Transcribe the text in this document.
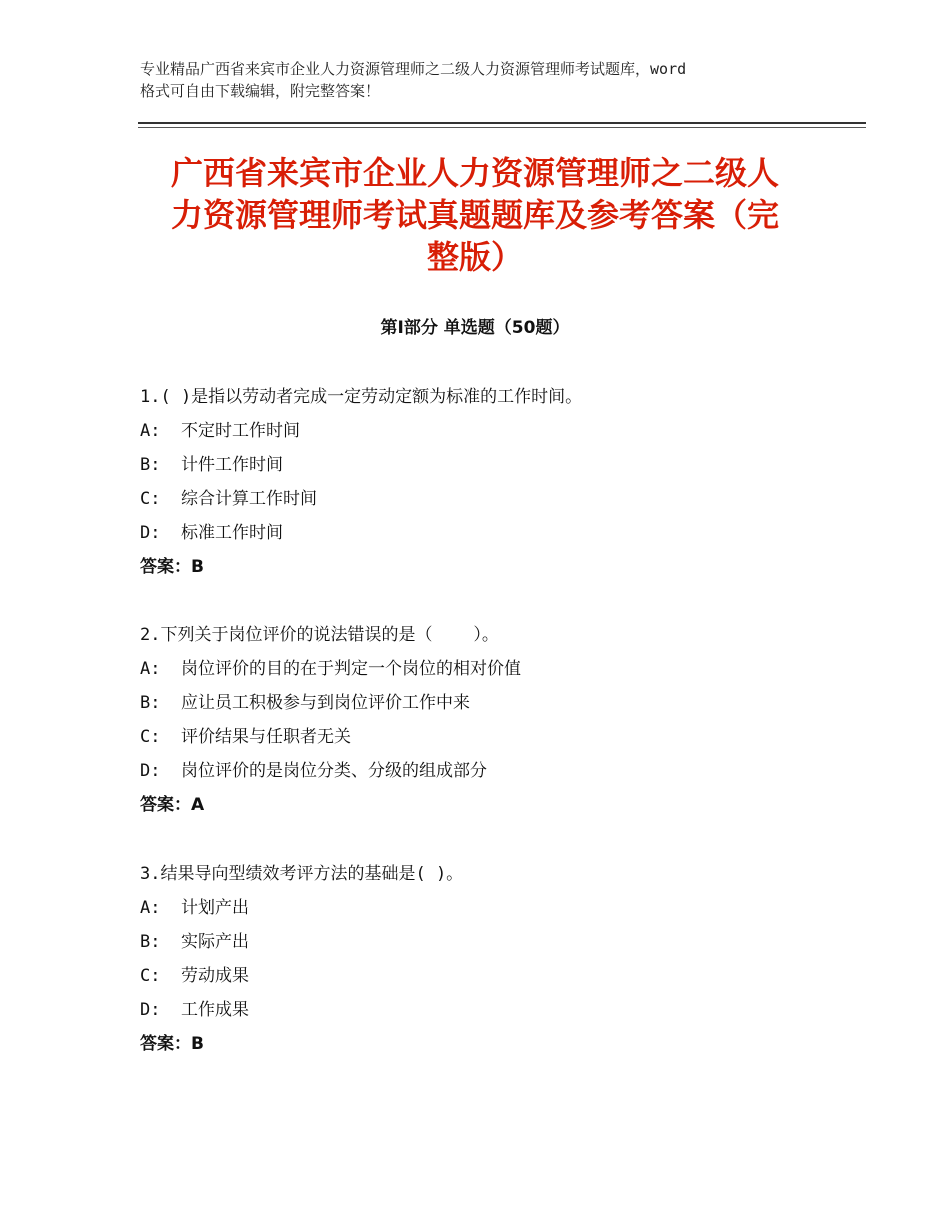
专业精品广西省来宾市企业人力资源管理师之二级人力资源管理师考试题库，word
格式可自由下载编辑，附完整答案！
广西省来宾市企业人力资源管理师之二级人
力资源管理师考试真题题库及参考答案（完
整版）
第Ⅰ部分 单选题（50题）
1.( )是指以劳动者完成一定劳动定额为标准的工作时间。
A:  不定时工作时间
B:  计件工作时间
C:  综合计算工作时间
D:  标准工作时间
答案：B
2.下列关于岗位评价的说法错误的是（    ）。
A:  岗位评价的目的在于判定一个岗位的相对价值
B:  应让员工积极参与到岗位评价工作中来
C:  评价结果与任职者无关
D:  岗位评价的是岗位分类、分级的组成部分
答案：A
3.结果导向型绩效考评方法的基础是( )。
A:  计划产出
B:  实际产出
C:  劳动成果
D:  工作成果
答案：B
